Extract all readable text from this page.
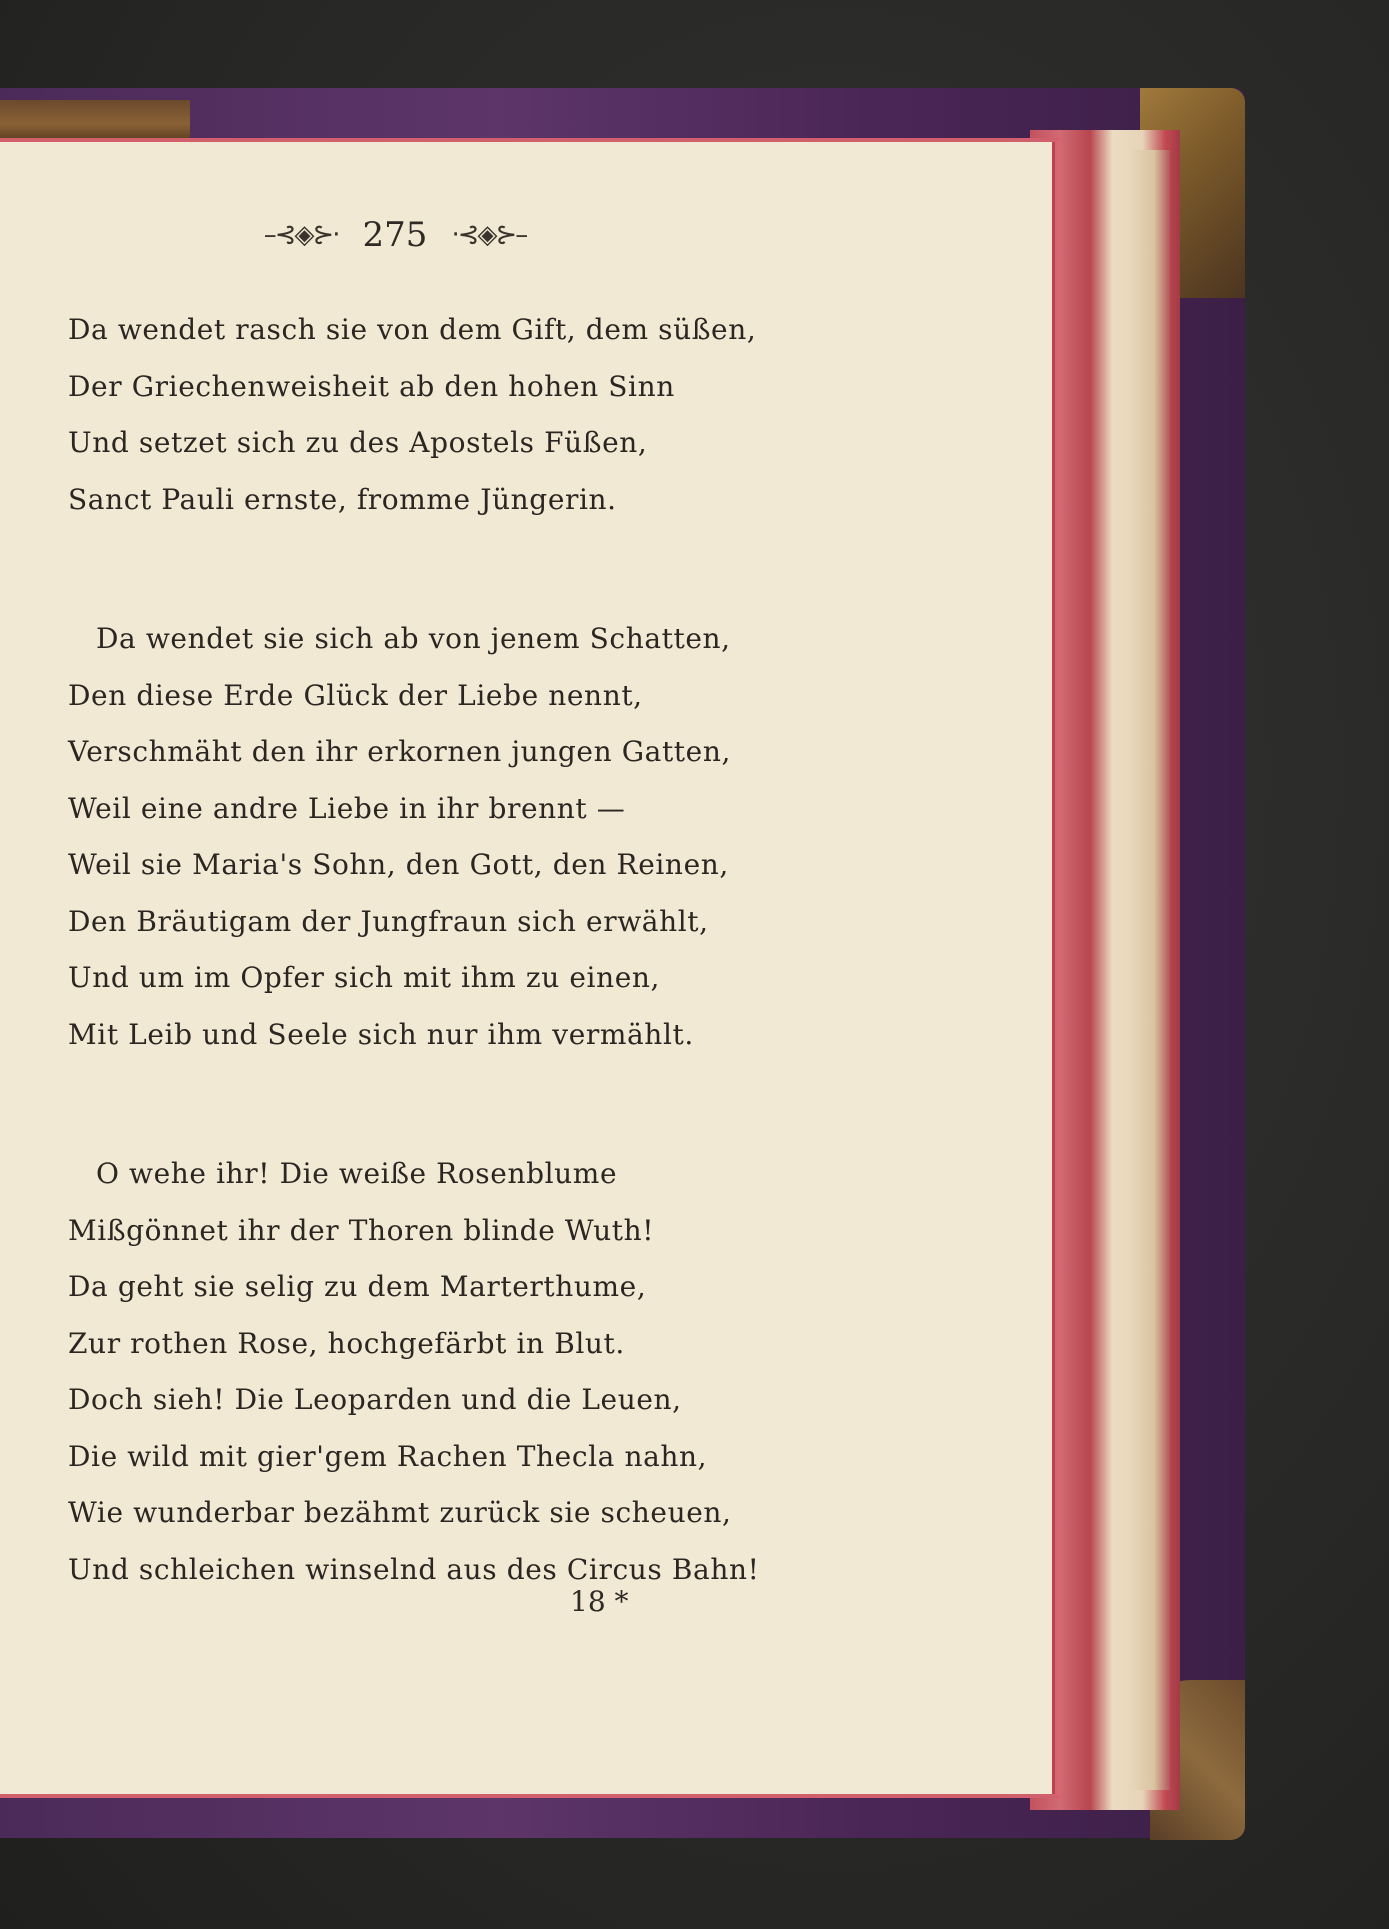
–⊰◈⊱· 275 ·⊰◈⊱–
Da wendet rasch sie von dem Gift, dem süßen,
Der Griechenweisheit ab den hohen Sinn
Und setzet sich zu des Apostels Füßen,
Sanct Pauli ernste, fromme Jüngerin.
Da wendet sie sich ab von jenem Schatten,
Den diese Erde Glück der Liebe nennt,
Verschmäht den ihr erkornen jungen Gatten,
Weil eine andre Liebe in ihr brennt —
Weil sie Maria's Sohn, den Gott, den Reinen,
Den Bräutigam der Jungfraun sich erwählt,
Und um im Opfer sich mit ihm zu einen,
Mit Leib und Seele sich nur ihm vermählt.
O wehe ihr! Die weiße Rosenblume
Mißgönnet ihr der Thoren blinde Wuth!
Da geht sie selig zu dem Marterthume,
Zur rothen Rose, hochgefärbt in Blut.
Doch sieh! Die Leoparden und die Leuen,
Die wild mit gier'gem Rachen Thecla nahn,
Wie wunderbar bezähmt zurück sie scheuen,
Und schleichen winselnd aus des Circus Bahn!
18 *
